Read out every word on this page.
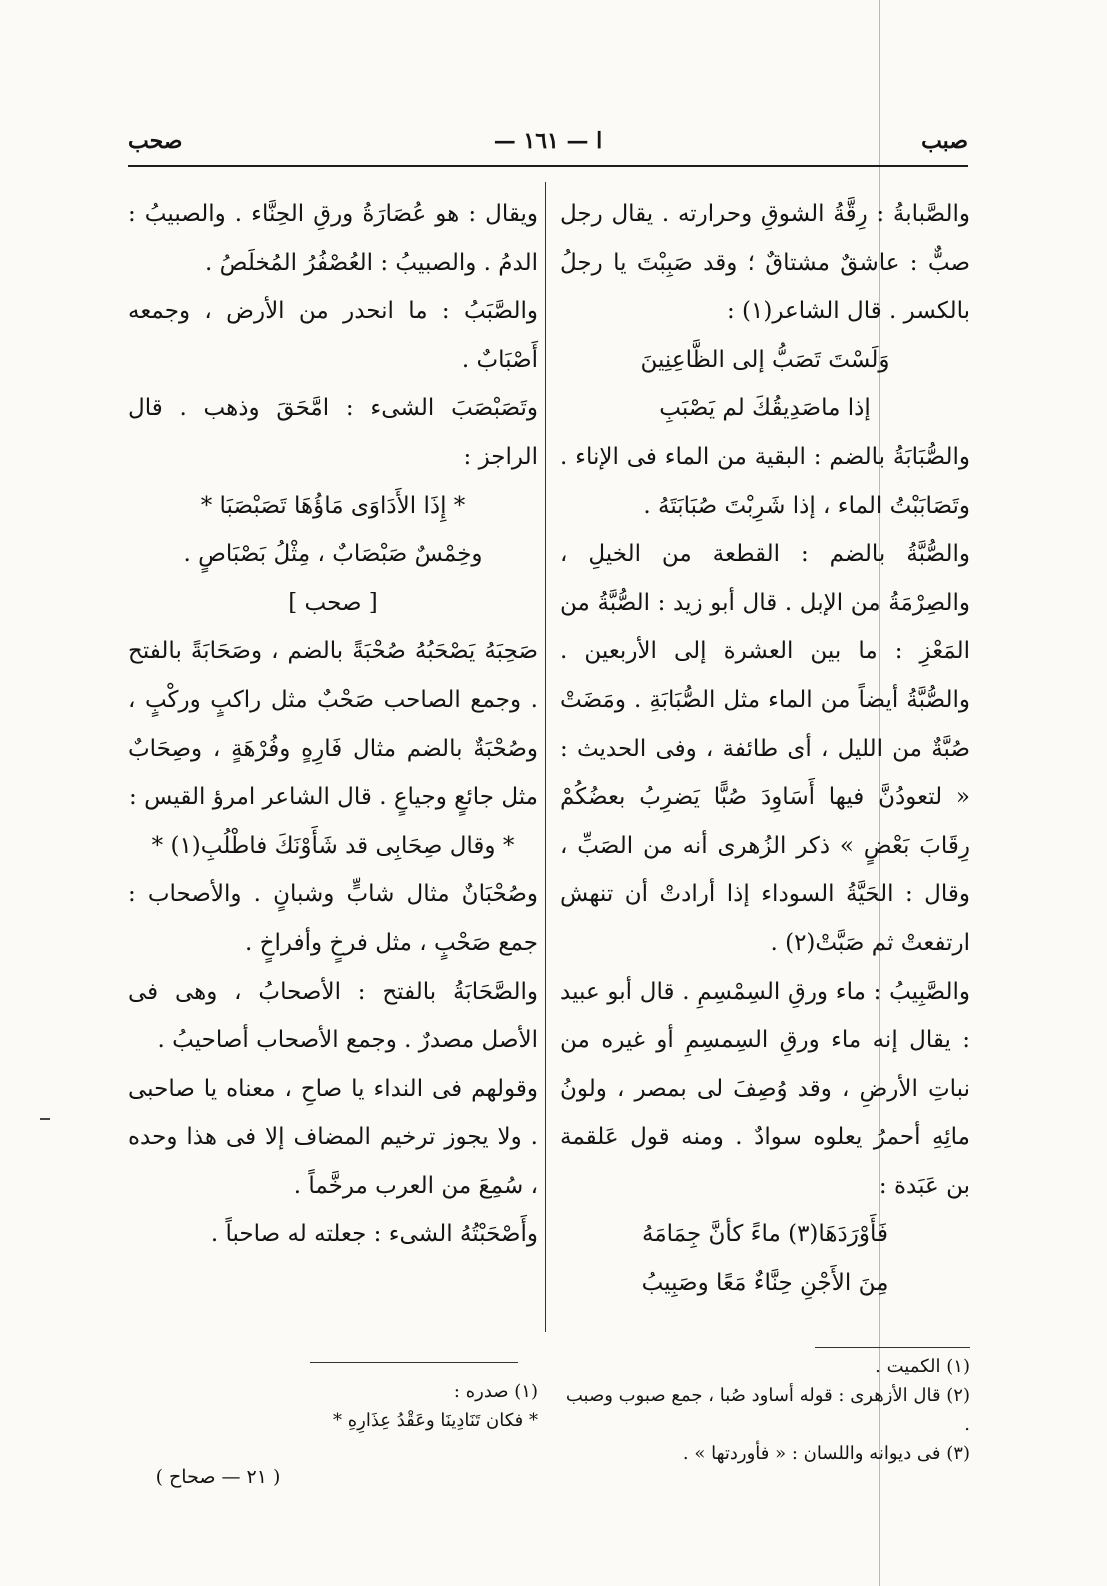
صبب
ا — ١٦١ —
صحب

والصَّبابةُ : رِقَّةُ الشوقِ وحرارته . يقال رجل صبٌّ : عاشقٌ مشتاقٌ ؛ وقد صَبِبْتَ يا رجلُ بالكسر . قال الشاعر(١) :

وَلَسْتَ تَصَبُّ إلى الظَّاعِنِينَ

إذا ماصَدِيقُكَ لم يَصْبَبِ

والصُّبَابَةُ بالضم : البقية من الماء فى الإناء . وتَصَابَبْتُ الماء ، إذا شَرِبْتَ صُبَابَتَهُ .

والصُّبَّةُ بالضم : القطعة من الخيلِ ، والصِرْمَةُ من الإبل . قال أبو زيد : الصُّبَّةُ من المَعْزِ : ما بين العشرة إلى الأربعين . والصُّبَّةُ أيضاً من الماء مثل الصُّبَابَةِ . ومَضَتْ صُبَّةٌ من الليل ، أى طائفة ، وفى الحديث : « لتعودُنَّ فيها أَسَاوِدَ صُبًّا يَضرِبُ بعضُكُمْ رِقَابَ بَعْضٍ » ذكر الزُهرى أنه من الصَبِّ ، وقال : الحَيَّةُ السوداء إذا أرادتْ أن تنهش ارتفعتْ ثم صَبَّتْ(٢) .

والصَّبِيبُ : ماء ورقِ السِمْسِمِ . قال أبو عبيد : يقال إنه ماء ورقِ السِمسِمِ أو غيره من نباتِ الأرضِ ، وقد وُصِفَ لى بمصر ، ولونُ مائِهِ أحمرُ يعلوه سوادٌ . ومنه قول عَلقمة بن عَبَدة :

فَأَوْرَدَهَا(٣) ماءً كأنَّ جِمَامَهُ

مِنَ الأَجْنِ حِنَّاءٌ مَعًا وصَبِيبُ

ويقال : هو عُصَارَةُ ورقِ الحِنَّاء . والصبيبُ : الدمُ . والصبيبُ : العُصْفُرُ المُخلَصُ .

والصَّبَبُ : ما انحدر من الأرض ، وجمعه أَصْبَابٌ .

وتَصَبْصَبَ الشىء : امَّحَقَ وذهب . قال الراجز :

* إِذَا الأَدَاوَى مَاؤُهَا تَصَبْصَبَا *

وخِمْسٌ صَبْصَابٌ ، مِثْلُ بَصْبَاصٍ .

[ صحب ]

صَحِبَهُ يَصْحَبُهُ صُحْبَةً بالضم ، وصَحَابَةً بالفتح . وجمع الصاحب صَحْبٌ مثل راكبٍ وركْبٍ ، وصُحْبَةٌ بالضم مثال فَارِهٍ وفُرْهَةٍ ، وصِحَابٌ مثل جائعٍ وجياعٍ . قال الشاعر امرؤ القيس :

* وقال صِحَابِى قد شَأَوْنَكَ فاطْلُبِ(١) *

وصُحْبَانٌ مثال شابٍّ وشبانٍ . والأصحاب : جمع صَحْبٍ ، مثل فرخٍ وأفراخٍ .

والصَّحَابَةُ بالفتح : الأصحابُ ، وهى فى الأصل مصدرٌ . وجمع الأصحاب أصاحيبُ .

وقولهم فى النداء يا صاحِ ، معناه يا صاحبى . ولا يجوز ترخيم المضاف إلا فى هذا وحده ، سُمِعَ من العرب مرخَّماً .

وأَصْحَبْتُهُ الشىء : جعلته له صاحباً .

(١) الكميت .

(٢) قال الأزهرى : قوله أساود صُبا ، جمع صبوب وصبب .

(٣) فى ديوانه واللسان : « فأوردتها » .

(١) صدره :

* فكان تَنَادِينَا وعَقْدُ عِذَارِهِ *

( ٢١ — صحاح )
